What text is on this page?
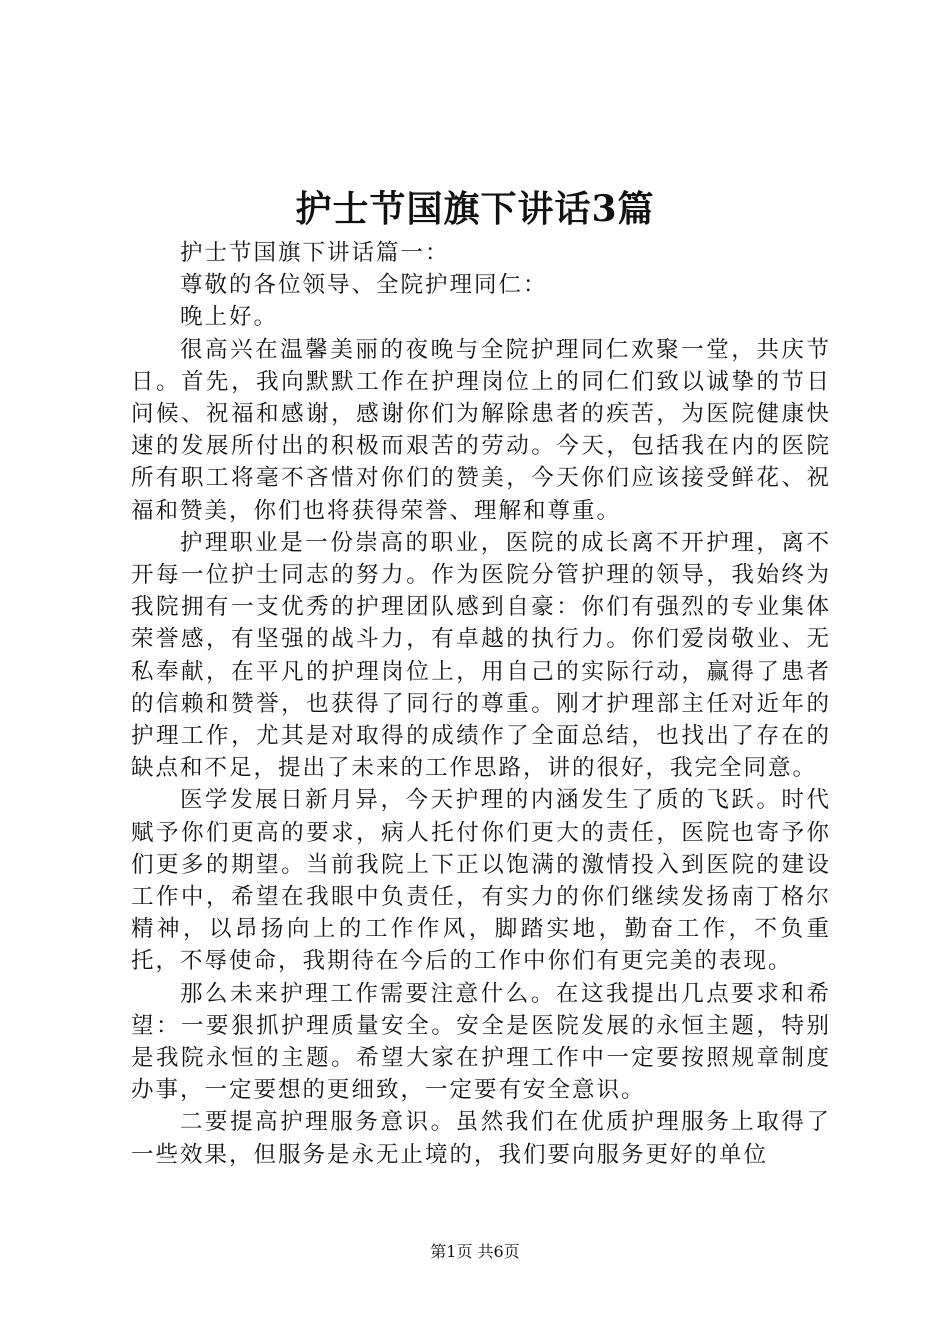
护士节国旗下讲话3篇

护士节国旗下讲话篇一：

尊敬的各位领导、全院护理同仁：

晚上好。

很高兴在温馨美丽的夜晚与全院护理同仁欢聚一堂，共庆节日。首先，我向默默工作在护理岗位上的同仁们致以诚挚的节日问候、祝福和感谢，感谢你们为解除患者的疾苦，为医院健康快速的发展所付出的积极而艰苦的劳动。今天，包括我在内的医院所有职工将毫不吝惜对你们的赞美，今天你们应该接受鲜花、祝福和赞美，你们也将获得荣誉、理解和尊重。

护理职业是一份崇高的职业，医院的成长离不开护理，离不开每一位护士同志的努力。作为医院分管护理的领导，我始终为我院拥有一支优秀的护理团队感到自豪：你们有强烈的专业集体荣誉感，有坚强的战斗力，有卓越的执行力。你们爱岗敬业、无私奉献，在平凡的护理岗位上，用自己的实际行动，赢得了患者的信赖和赞誉，也获得了同行的尊重。刚才护理部主任对近年的护理工作，尤其是对取得的成绩作了全面总结，也找出了存在的缺点和不足，提出了未来的工作思路，讲的很好，我完全同意。

医学发展日新月异，今天护理的内涵发生了质的飞跃。时代赋予你们更高的要求，病人托付你们更大的责任，医院也寄予你们更多的期望。当前我院上下正以饱满的激情投入到医院的建设工作中，希望在我眼中负责任，有实力的你们继续发扬南丁格尔精神，以昂扬向上的工作作风，脚踏实地，勤奋工作，不负重托，不辱使命，我期待在今后的工作中你们有更完美的表现。

那么未来护理工作需要注意什么。在这我提出几点要求和希望：一要狠抓护理质量安全。安全是医院发展的永恒主题，特别是我院永恒的主题。希望大家在护理工作中一定要按照规章制度办事，一定要想的更细致，一定要有安全意识。

二要提高护理服务意识。虽然我们在优质护理服务上取得了一些效果，但服务是永无止境的，我们要向服务更好的单位

第1页 共6页
